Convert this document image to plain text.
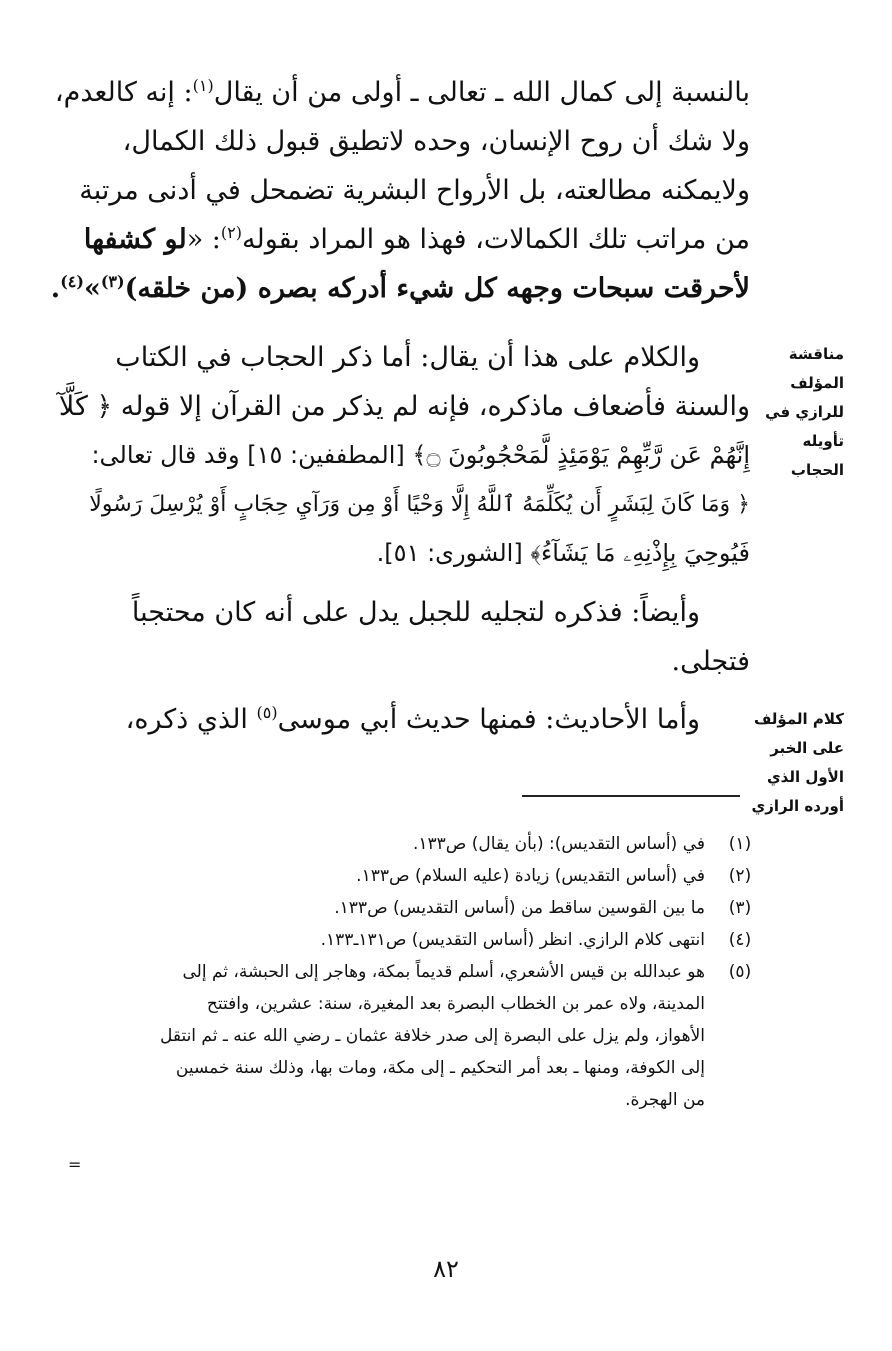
بالنسبة إلى كمال الله ـ تعالى ـ أولى من أن يقال$^{(١)}$: إنه كالعدم،
ولا شك أن روح الإنسان، وحده لاتطيق قبول ذلك الكمال،
ولايمكنه مطالعته، بل الأرواح البشرية تضمحل في أدنى مرتبة
من مراتب تلك الكمالات، فهذا هو المراد بقوله$^{(٢)}$: «لو كشفها
لأحرقت سبحات وجهه كل شيء أدركه بصره (من خلقه)$^{(٣)}$»$^{(٤)}$.
والكلام على هذا أن يقال: أما ذكر الحجاب في الكتاب
والسنة فأضعاف ماذكره، فإنه لم يذكر من القرآن إلا قوله ﴿ كَلَّآ
إِنَّهُمْ عَن رَّبِّهِمْ يَوْمَئِذٍ لَّمَحْجُوبُونَ ۝﴾ [المطففين: ١٥] وقد قال تعالى:
﴿ وَمَا كَانَ لِبَشَرٍ أَن يُكَلِّمَهُ ٱللَّهُ إِلَّا وَحْيًا أَوْ مِن وَرَآيِ حِجَابٍ أَوْ يُرْسِلَ رَسُولًا
فَيُوحِيَ بِإِذْنِهِۦ مَا يَشَآءُ﴾ [الشورى: ٥١].
وأيضاً: فذكره لتجليه للجبل يدل على أنه كان محتجباً
فتجلى.
وأما الأحاديث: فمنها حديث أبي موسى$^{(٥)}$ الذي ذكره،
مناقشة
المؤلف
للرازي في
تأويله
الحجاب
كلام المؤلف
على الخبر
الأول الذي
أورده الرازي
(١)
في (أساس التقديس): (بأن يقال) ص١٣٣.
(٢)
في (أساس التقديس) زيادة (عليه السلام) ص١٣٣.
(٣)
ما بين القوسين ساقط من (أساس التقديس) ص١٣٣.
(٤)
انتهى كلام الرازي. انظر (أساس التقديس) ص١٣١ـ١٣٣.
(٥)
هو عبدالله بن قيس الأشعري، أسلم قديماً بمكة، وهاجر إلى الحبشة، ثم إلى
المدينة، ولاه عمر بن الخطاب البصرة بعد المغيرة، سنة: عشرين، وافتتح
الأهواز، ولم يزل على البصرة إلى صدر خلافة عثمان ـ رضي الله عنه ـ ثم انتقل
إلى الكوفة، ومنها ـ بعد أمر التحكيم ـ إلى مكة، ومات بها، وذلك سنة خمسين
من الهجرة.
=
٨٢
